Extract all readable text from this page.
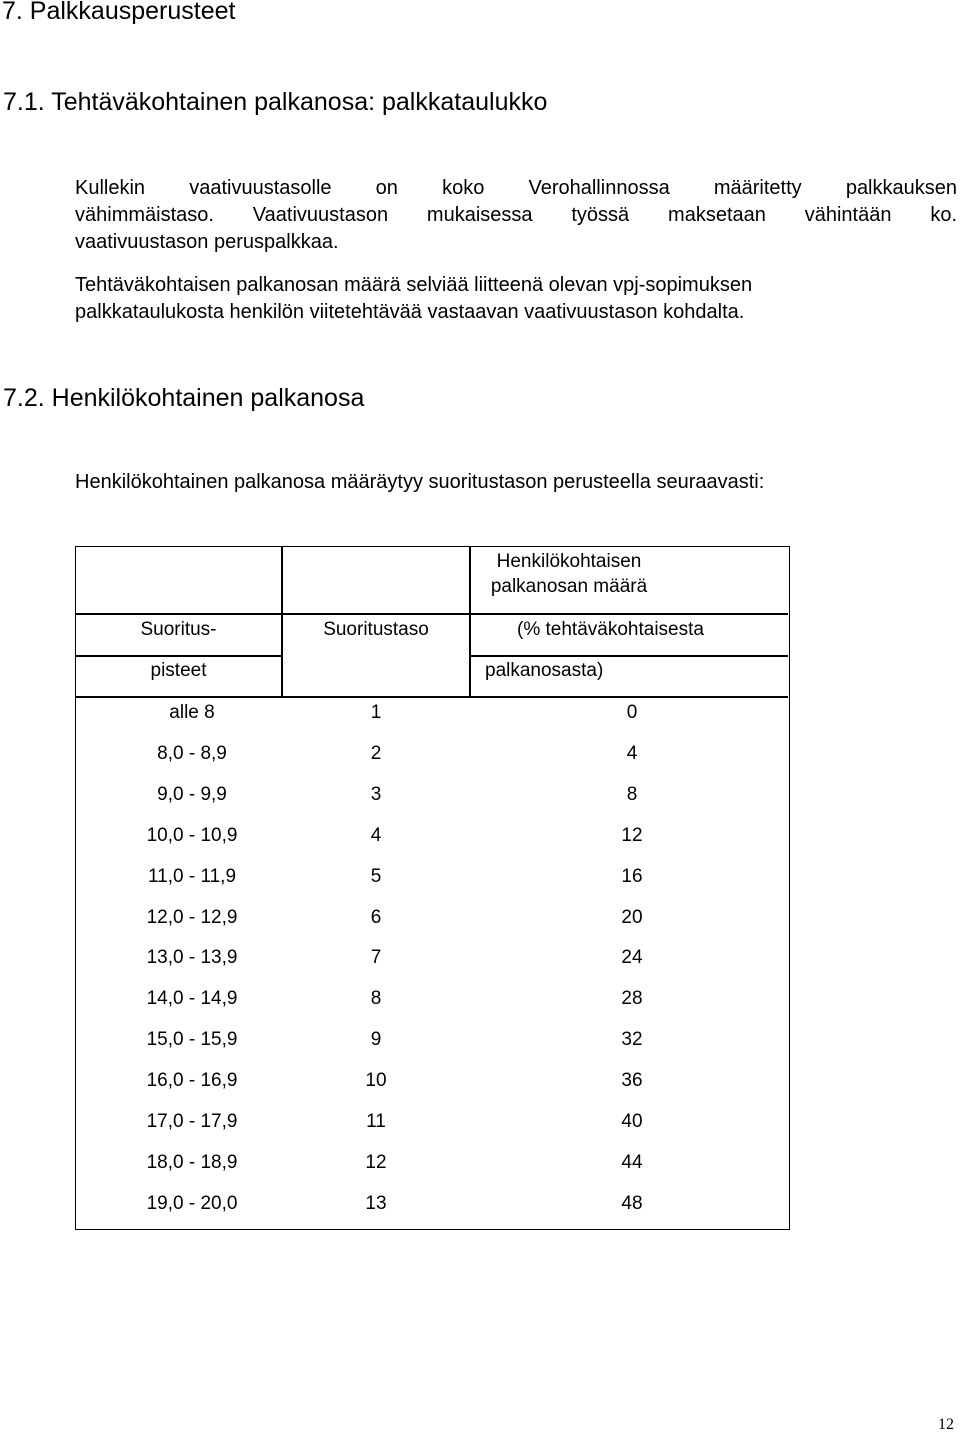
7. Palkkausperusteet
7.1. Tehtäväkohtainen palkanosa: palkkataulukko
Kullekin vaativuustasolle on koko Verohallinnossa määritetty palkkauksen
vähimmäistaso. Vaativuustason mukaisessa työssä maksetaan vähintään ko.
vaativuustason peruspalkkaa.
Tehtäväkohtaisen palkanosan määrä selviää liitteenä olevan vpj-sopimuksen
palkkataulukosta henkilön viitetehtävää vastaavan vaativuustason kohdalta.
7.2. Henkilökohtainen palkanosa
Henkilökohtainen palkanosa määräytyy suoritustason perusteella seuraavasti:
Suoritus-
pisteet
Suoritustaso
Henkilökohtaisen
palkanosan määrä
(% tehtäväkohtaisesta
palkanosasta)
alle 8	1	0
8,0 - 8,9	2	4
9,0 - 9,9	3	8
10,0 - 10,9	4	12
11,0 - 11,9	5	16
12,0 - 12,9	6	20
13,0 - 13,9	7	24
14,0 - 14,9	8	28
15,0 - 15,9	9	32
16,0 - 16,9	10	36
17,0 - 17,9	11	40
18,0 - 18,9	12	44
19,0 - 20,0	13	48
12
